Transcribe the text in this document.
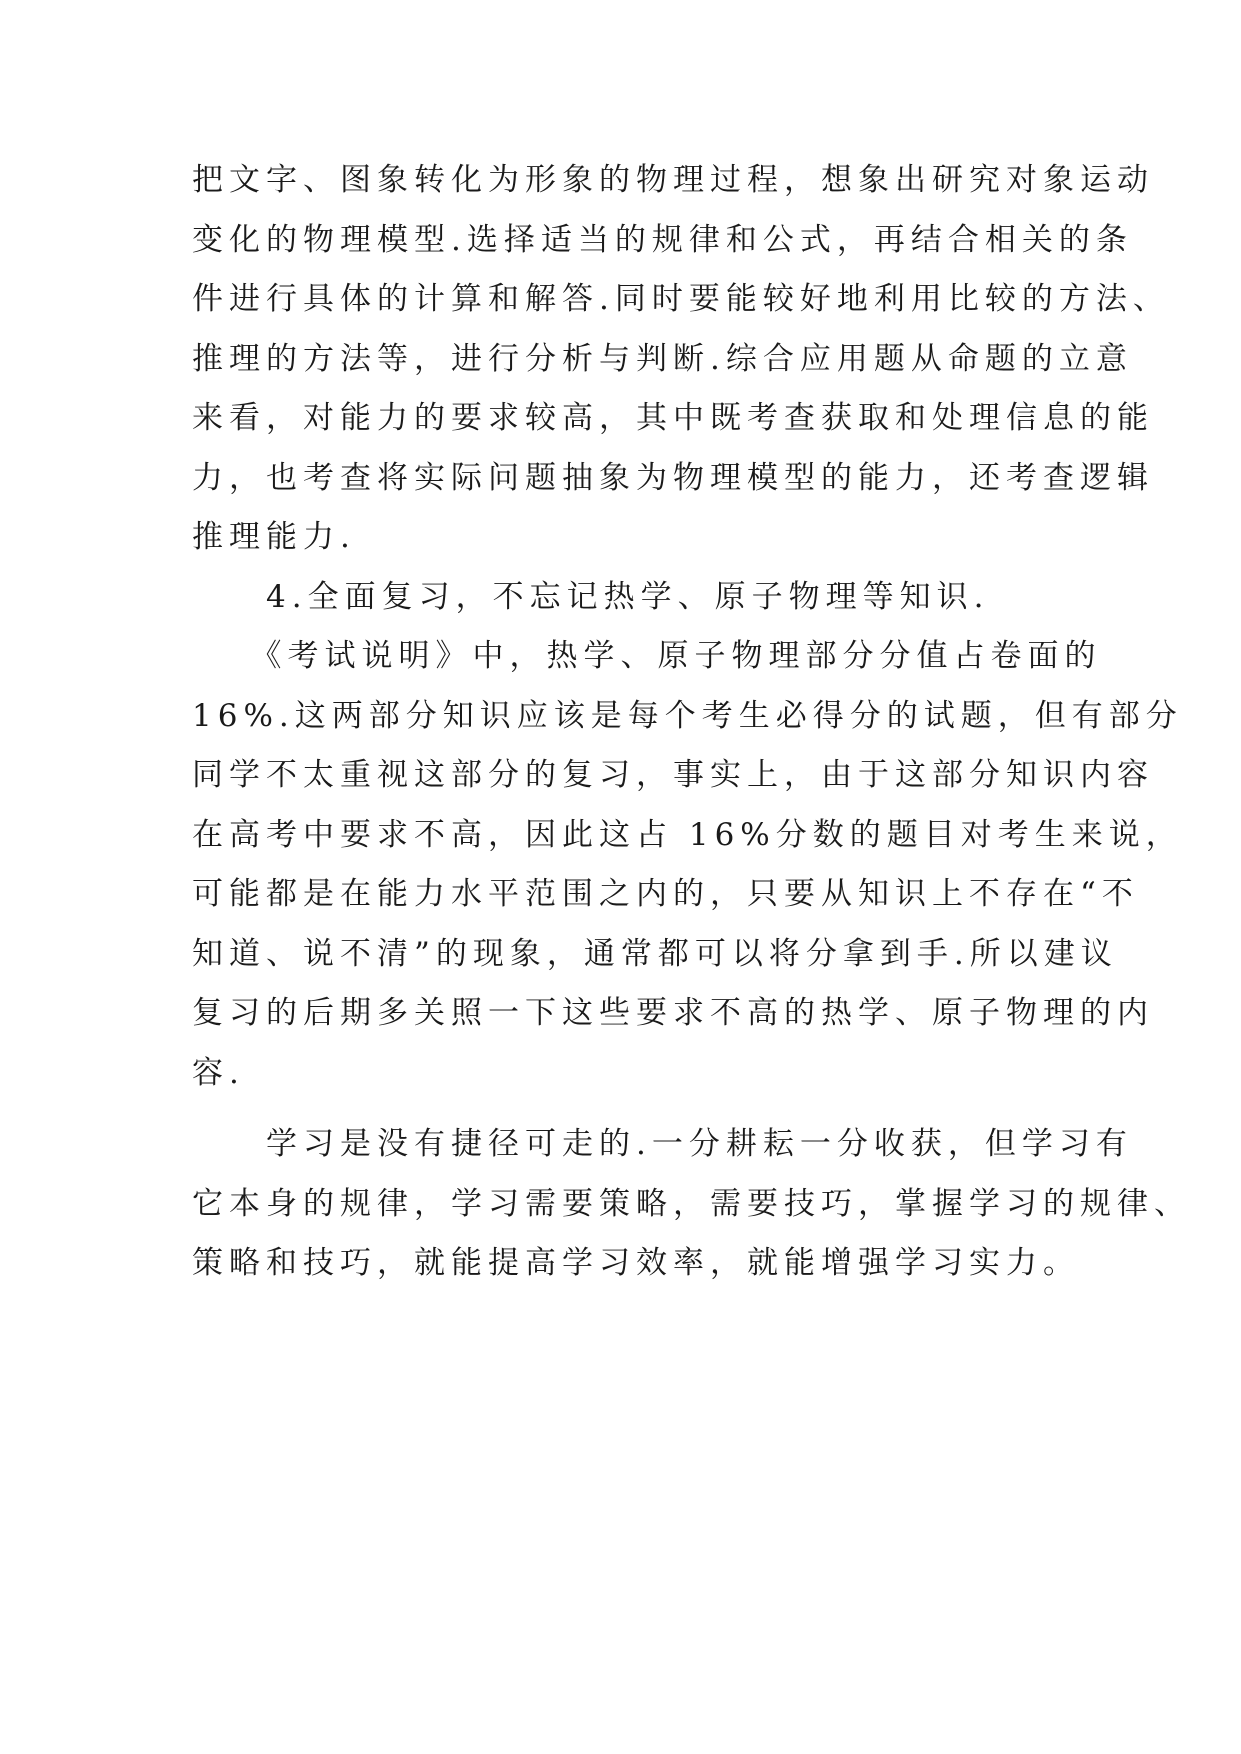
把文字、图象转化为形象的物理过程，想象出研究对象运动
变化的物理模型.选择适当的规律和公式，再结合相关的条
件进行具体的计算和解答.同时要能较好地利用比较的方法、
推理的方法等，进行分析与判断.综合应用题从命题的立意
来看，对能力的要求较高，其中既考查获取和处理信息的能
力，也考查将实际问题抽象为物理模型的能力，还考查逻辑
推理能力.
　　4.全面复习，不忘记热学、原子物理等知识.
　　《考试说明》中，热学、原子物理部分分值占卷面的
16%.这两部分知识应该是每个考生必得分的试题，但有部分
同学不太重视这部分的复习，事实上，由于这部分知识内容
在高考中要求不高，因此这占 16%分数的题目对考生来说，
可能都是在能力水平范围之内的，只要从知识上不存在“不
知道、说不清”的现象，通常都可以将分拿到手.所以建议
复习的后期多关照一下这些要求不高的热学、原子物理的内
容.
　　学习是没有捷径可走的.一分耕耘一分收获，但学习有
它本身的规律，学习需要策略，需要技巧，掌握学习的规律、
策略和技巧，就能提高学习效率，就能增强学习实力。
